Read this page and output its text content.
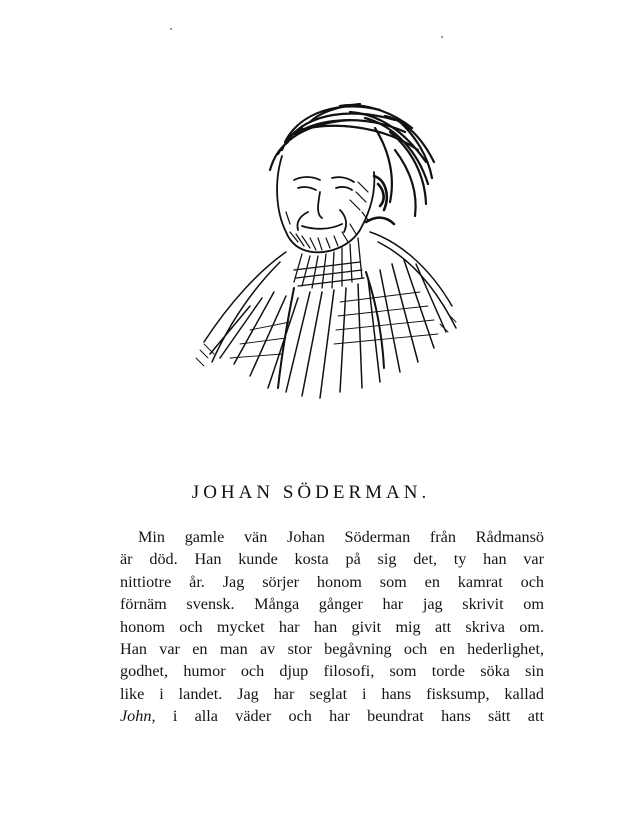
JOHAN SÖDERMAN.
Min gamle vän Johan Söderman från Rådmansö
är död. Han kunde kosta på sig det, ty han var
nittiotre år. Jag sörjer honom som en kamrat och
förnäm svensk. Många gånger har jag skrivit om
honom och mycket har han givit mig att skriva om.
Han var en man av stor begåvning och en hederlighet,
godhet, humor och djup filosofi, som torde söka sin
like i landet. Jag har seglat i hans fisksump, kallad
John, i alla väder och har beundrat hans sätt att
